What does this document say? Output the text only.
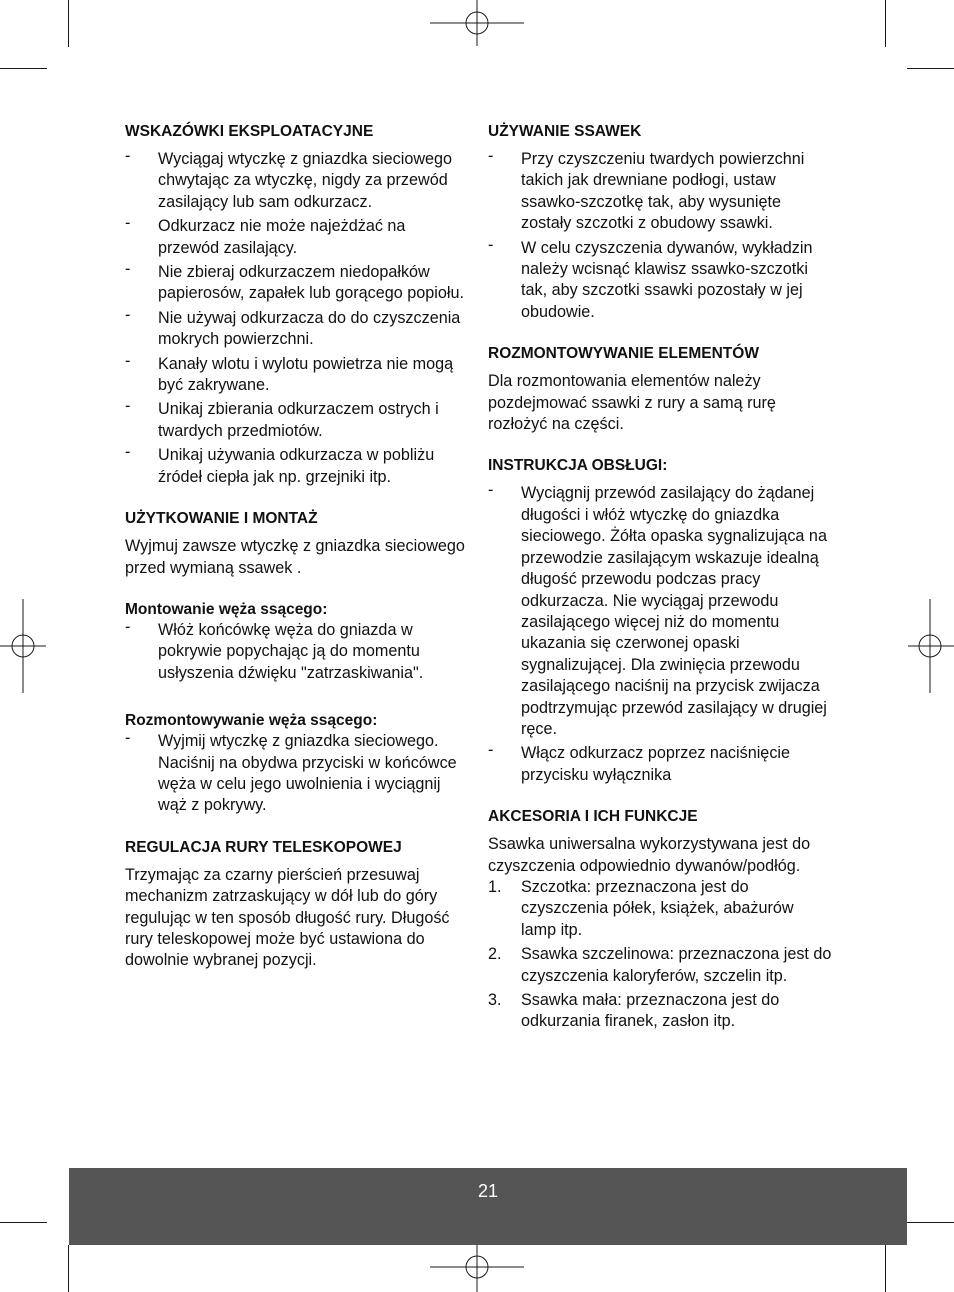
WSKAZÓWKI EKSPLOATACYJNE
- Wyciągaj wtyczkę z gniazdka sieciowego chwytając za wtyczkę, nigdy za przewód zasilający lub sam odkurzacz.
- Odkurzacz nie może najeżdżać na przewód zasilający.
- Nie zbieraj odkurzaczem niedopałków papierosów, zapałek lub gorącego popiołu.
- Nie używaj odkurzacza do do czyszczenia mokrych powierzchni.
- Kanały wlotu i wylotu powietrza nie mogą być zakrywane.
- Unikaj zbierania odkurzaczem ostrych i twardych przedmiotów.
- Unikaj używania odkurzacza w pobliżu źródeł ciepła jak np. grzejniki itp.
UŻYTKOWANIE I MONTAŻ

Wyjmuj zawsze wtyczkę z gniazdka sieciowego przed wymianą ssawek .

Montowanie węża ssącego:
- Włóż końcówkę węża do gniazda w pokrywie popychając ją do momentu usłyszenia dźwięku "zatrzaskiwania".
Rozmontowywanie węża ssącego:
- Wyjmij wtyczkę z gniazdka sieciowego. Naciśnij na obydwa przyciski w końcówce węża w celu jego uwolnienia i wyciągnij wąż z pokrywy.
REGULACJA RURY TELESKOPOWEJ

Trzymając za czarny pierścień przesuwaj mechanizm zatrzaskujący w dół lub do góry regulując w ten sposób długość rury. Długość rury teleskopowej może być ustawiona do dowolnie wybranej pozycji.

UŻYWANIE SSAWEK
- Przy czyszczeniu twardych powierzchni takich jak drewniane podłogi, ustaw ssawko-szczotkę tak, aby wysunięte zostały szczotki z obudowy ssawki.
- W celu czyszczenia dywanów, wykładzin należy wcisnąć klawisz ssawko-szczotki tak, aby szczotki ssawki pozostały w jej obudowie.
ROZMONTOWYWANIE ELEMENTÓW

Dla rozmontowania elementów należy pozdejmować ssawki z rury a samą rurę rozłożyć na części.

INSTRUKCJA OBSŁUGI:
- Wyciągnij przewód zasilający do żądanej długości i włóż wtyczkę do gniazdka sieciowego. Żółta opaska sygnalizująca na przewodzie zasilającym wskazuje idealną długość przewodu podczas pracy odkurzacza. Nie wyciągaj przewodu zasilającego więcej niż do momentu ukazania się czerwonej opaski sygnalizującej. Dla zwinięcia przewodu zasilającego naciśnij na przycisk zwijacza podtrzymując przewód zasilający w drugiej ręce.
- Włącz odkurzacz poprzez naciśnięcie przycisku wyłącznika
AKCESORIA I ICH FUNKCJE

Ssawka uniwersalna wykorzystywana jest do czyszczenia odpowiednio dywanów/podłóg.

1. Szczotka: przeznaczona jest do czyszczenia półek, książek, abażurów lamp itp.
2. Ssawka szczelinowa: przeznaczona jest do czyszczenia kaloryferów, szczelin itp.
3. Ssawka mała: przeznaczona jest do odkurzania firanek, zasłon itp.
21
